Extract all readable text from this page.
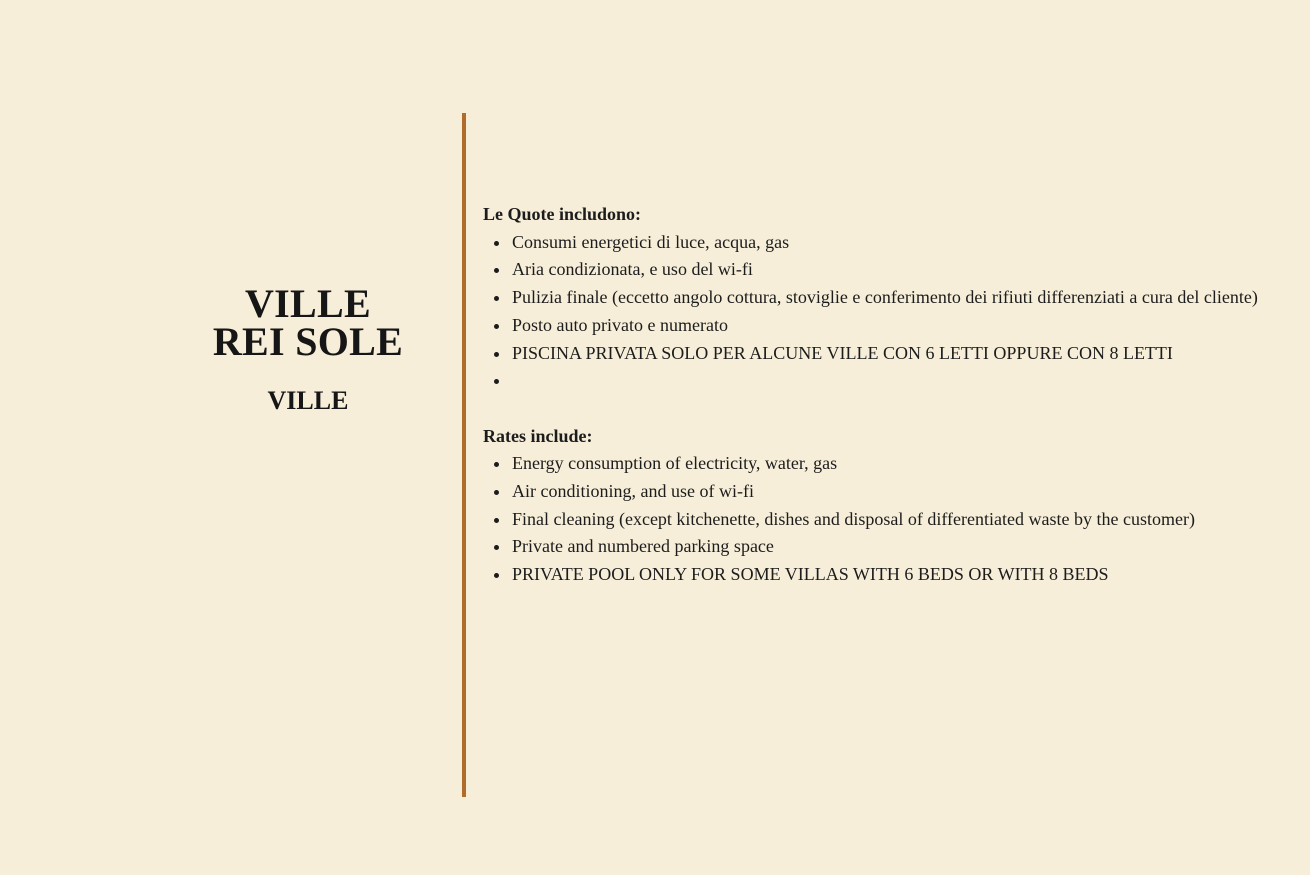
VILLE
REI SOLE
VILLE

Le Quote includono:

Consumi energetici di luce, acqua, gas
Aria condizionata, e uso del wi-fi
Pulizia finale (eccetto angolo cottura, stoviglie e conferimento dei rifiuti differenziati a cura del cliente)
Posto auto privato e numerato
PISCINA PRIVATA SOLO PER ALCUNE VILLE CON 6 LETTI OPPURE CON 8 LETTI

Rates include:

Energy consumption of electricity, water, gas
Air conditioning, and use of wi-fi
Final cleaning (except kitchenette, dishes and disposal of differentiated waste by the customer)
Private and numbered parking space
PRIVATE POOL ONLY FOR SOME VILLAS WITH 6 BEDS OR WITH 8 BEDS
